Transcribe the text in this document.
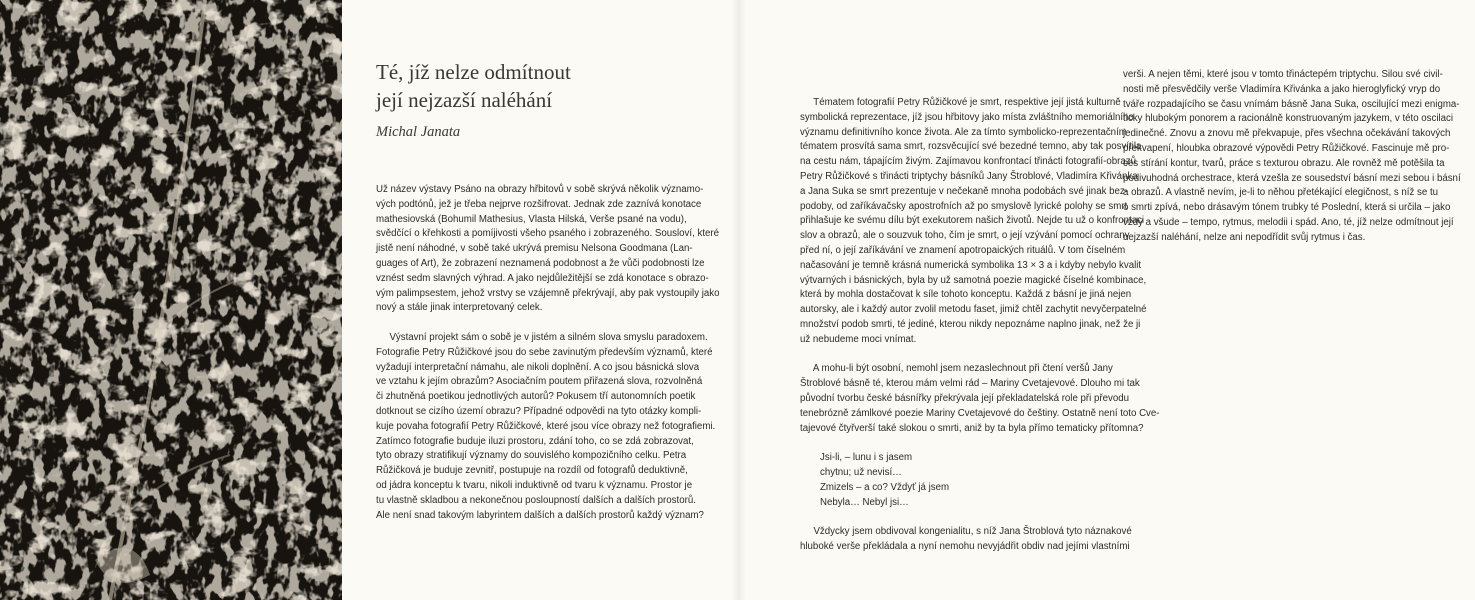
Té, jíž nelze odmítnout
její nejzazší naléhání
Michal Janata

Už název výstavy Psáno na obrazy hřbitovů v sobě skrývá několik významo-

vých podtónů, jež je třeba nejprve rozšifrovat. Jednak zde zaznívá konotace

mathesiovská (Bohumil Mathesius, Vlasta Hilská, Verše psané na vodu),

svědčící o křehkosti a pomíjivosti všeho psaného i zobrazeného. Sousloví, které

jistě není náhodné, v sobě také ukrývá premisu Nelsona Goodmana (Lan-

guages of Art), že zobrazení neznamená podobnost a že vůči podobnosti lze

vznést sedm slavných výhrad. A jako nejdůležitější se zdá konotace s obrazo-

vým palimpsestem, jehož vrstvy se vzájemně překrývají, aby pak vystoupily jako

nový a stále jinak interpretovaný celek.

Výstavní projekt sám o sobě je v jistém a silném slova smyslu paradoxem.

Fotografie Petry Růžičkové jsou do sebe zavinutým především významů, které

vyžadují interpretační námahu, ale nikoli doplnění. A co jsou básnická slova

ve vztahu k jejím obrazům? Asociačním poutem přiřazená slova, rozvolněná

či zhutněná poetikou jednotlivých autorů? Pokusem tří autonomních poetik

dotknout se cizího území obrazu? Případné odpovědi na tyto otázky kompli-

kuje povaha fotografií Petry Růžičkové, které jsou více obrazy než fotografiemi.

Zatímco fotografie buduje iluzi prostoru, zdání toho, co se zdá zobrazovat,

tyto obrazy stratifikují významy do souvislého kompozičního celku. Petra

Růžičková je buduje zevnitř, postupuje na rozdíl od fotografů deduktivně,

od jádra konceptu k tvaru, nikoli induktivně od tvaru k významu. Prostor je

tu vlastně skladbou a nekonečnou posloupností dalších a dalších prostorů.

Ale není snad takovým labyrintem dalších a dalších prostorů každý význam?

Tématem fotografií Petry Růžičkové je smrt, respektive její jistá kulturně

symbolická reprezentace, jíž jsou hřbitovy jako místa zvláštního memoriálního

významu definitivního konce života. Ale za tímto symbolicko-reprezentačním

tématem prosvítá sama smrt, rozsvěcující své bezedné temno, aby tak posvítila

na cestu nám, tápajícím živým. Zajímavou konfrontací třinácti fotografií-obrazů

Petry Růžičkové s třinácti triptychy básníků Jany Štroblové, Vladimíra Křivánka

a Jana Suka se smrt prezentuje v nečekaně mnoha podobách své jinak bez-

podoby, od zaříkávačsky apostrofních až po smyslově lyrické polohy se smrt

přihlašuje ke svému dílu být exekutorem našich životů. Nejde tu už o konfrontaci

slov a obrazů, ale o souzvuk toho, čím je smrt, o její vzývání pomocí ochrany

před ní, o její zaříkávání ve znamení apotropaických rituálů. V tom číselném

načasování je temně krásná numerická symbolika 13 × 3 a i kdyby nebylo kvalit

výtvarných i básnických, byla by už samotná poezie magické číselné kombinace,

která by mohla dostačovat k síle tohoto konceptu. Každá z básní je jiná nejen

autorsky, ale i každý autor zvolil metodu faset, jimiž chtěl zachytit nevyčerpatelné

množství podob smrti, té jediné, kterou nikdy nepoznáme naplno jinak, než že ji

už nebudeme moci vnímat.

A mohu-li být osobní, nemohl jsem nezaslechnout při čtení veršů Jany

Štroblové básně té, kterou mám velmi rád – Mariny Cvetajevové. Dlouho mi tak

původní tvorbu české básnířky překrývala její překladatelská role při převodu

tenebrózně zámlkové poezie Mariny Cvetajevové do češtiny. Ostatně není toto Cve-

tajevové čtyřverší také slokou o smrti, aniž by ta byla přímo tematicky přítomna?

Jsi-li, – lunu i s jasem

chytnu; už nevisí…

Zmizels – a co? Vždyť já jsem

Nebyla… Nebyl jsi…

Vždycky jsem obdivoval kongenialitu, s níž Jana Štroblová tyto náznakové

hluboké verše překládala a nyní nemohu nevyjádřit obdiv nad jejími vlastními

verši. A nejen těmi, které jsou v tomto třináctерém triptychu. Silou své civil-

nosti mě přesvědčily verše Vladimíra Křivánka a jako hieroglyfický vryp do

tváře rozpadajícího se času vnímám básně Jana Suka, oscilující mezi enigma-

ticky hlubokým ponorem a racionálně konstruovaným jazykem, v této oscilaci

jedinečné. Znovu a znovu mě překvapuje, přes všechna očekávání takových

překvapení, hloubka obrazové výpovědi Petry Růžičkové. Fascinuje mě pro-

ces stírání kontur, tvarů, práce s texturou obrazu. Ale rovněž mě potěšila ta

podivuhodná orchestrace, která vzešla ze sousedství básní mezi sebou i básní

a obrazů. A vlastně nevím, je-li to něhou přetékající elegičnost, s níž se tu

o smrti zpívá, nebo drásavým tónem trubky té Poslední, která si určila – jako

vždy a všude – tempo, rytmus, melodii i spád. Ano, té, jíž nelze odmítnout její

nejzazší naléhání, nelze ani nepodřídit svůj rytmus i čas.
